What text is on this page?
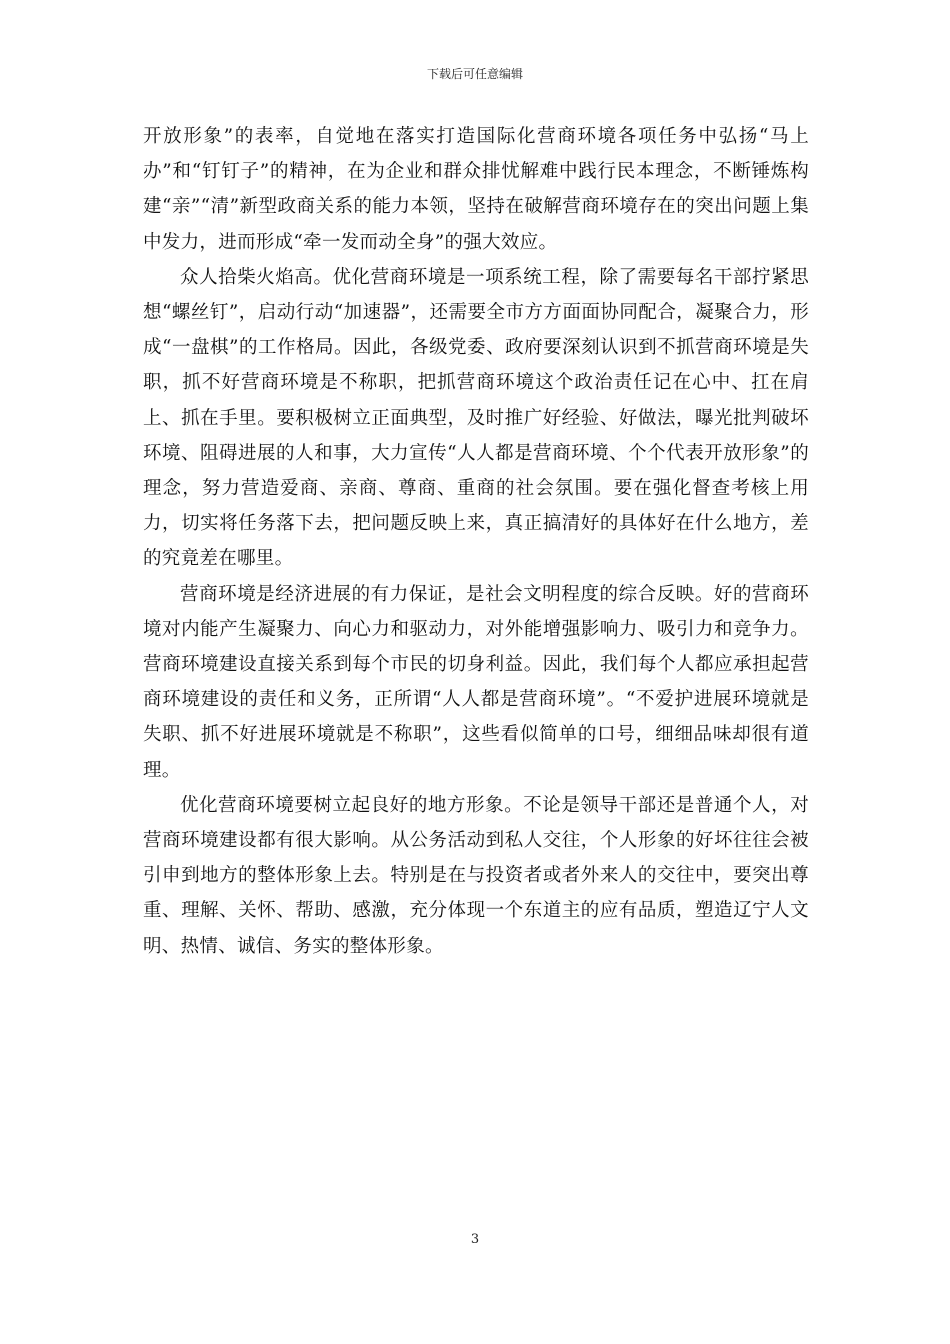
下载后可任意编辑

开放形象”的表率，自觉地在落实打造国际化营商环境各项任务中弘扬“马上办”和“钉钉子”的精神，在为企业和群众排忧解难中践行民本理念，不断锤炼构建“亲”“清”新型政商关系的能力本领，坚持在破解营商环境存在的突出问题上集中发力，进而形成“牵一发而动全身”的强大效应。

众人拾柴火焰高。优化营商环境是一项系统工程，除了需要每名干部拧紧思想“螺丝钉”，启动行动“加速器”，还需要全市方方面面协同配合，凝聚合力，形成“一盘棋”的工作格局。因此，各级党委、政府要深刻认识到不抓营商环境是失职，抓不好营商环境是不称职，把抓营商环境这个政治责任记在心中、扛在肩上、抓在手里。要积极树立正面典型，及时推广好经验、好做法，曝光批判破坏环境、阻碍进展的人和事，大力宣传“人人都是营商环境、个个代表开放形象”的理念，努力营造爱商、亲商、尊商、重商的社会氛围。要在强化督查考核上用力，切实将任务落下去，把问题反映上来，真正搞清好的具体好在什么地方，差的究竟差在哪里。

营商环境是经济进展的有力保证，是社会文明程度的综合反映。好的营商环境对内能产生凝聚力、向心力和驱动力，对外能增强影响力、吸引力和竞争力。营商环境建设直接关系到每个市民的切身利益。因此，我们每个人都应承担起营商环境建设的责任和义务，正所谓“人人都是营商环境”。“不爱护进展环境就是失职、抓不好进展环境就是不称职”，这些看似简单的口号，细细品味却很有道理。

优化营商环境要树立起良好的地方形象。不论是领导干部还是普通个人，对营商环境建设都有很大影响。从公务活动到私人交往，个人形象的好坏往往会被引申到地方的整体形象上去。特别是在与投资者或者外来人的交往中，要突出尊重、理解、关怀、帮助、感激，充分体现一个东道主的应有品质，塑造辽宁人文明、热情、诚信、务实的整体形象。

3
